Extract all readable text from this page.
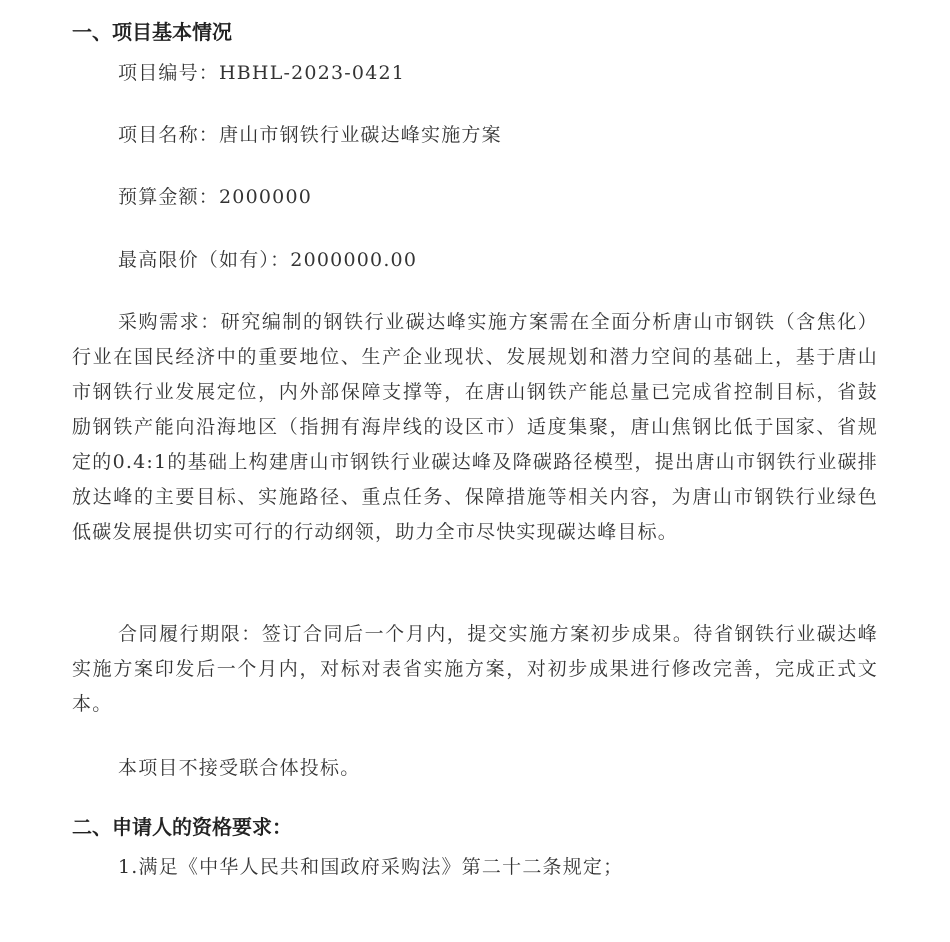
一、项目基本情况
项目编号：HBHL-2023-0421
项目名称：唐山市钢铁行业碳达峰实施方案
预算金额：2000000
最高限价（如有）：2000000.00
采购需求：研究编制的钢铁行业碳达峰实施方案需在全面分析唐山市钢铁（含焦化）行业在国民经济中的重要地位、生产企业现状、发展规划和潜力空间的基础上，基于唐山市钢铁行业发展定位，内外部保障支撑等，在唐山钢铁产能总量已完成省控制目标，省鼓励钢铁产能向沿海地区（指拥有海岸线的设区市）适度集聚，唐山焦钢比低于国家、省规定的0.4:1的基础上构建唐山市钢铁行业碳达峰及降碳路径模型，提出唐山市钢铁行业碳排放达峰的主要目标、实施路径、重点任务、保障措施等相关内容，为唐山市钢铁行业绿色低碳发展提供切实可行的行动纲领，助力全市尽快实现碳达峰目标。
合同履行期限：签订合同后一个月内，提交实施方案初步成果。待省钢铁行业碳达峰实施方案印发后一个月内，对标对表省实施方案，对初步成果进行修改完善，完成正式文本。
本项目不接受联合体投标。
二、申请人的资格要求：
1.满足《中华人民共和国政府采购法》第二十二条规定；
